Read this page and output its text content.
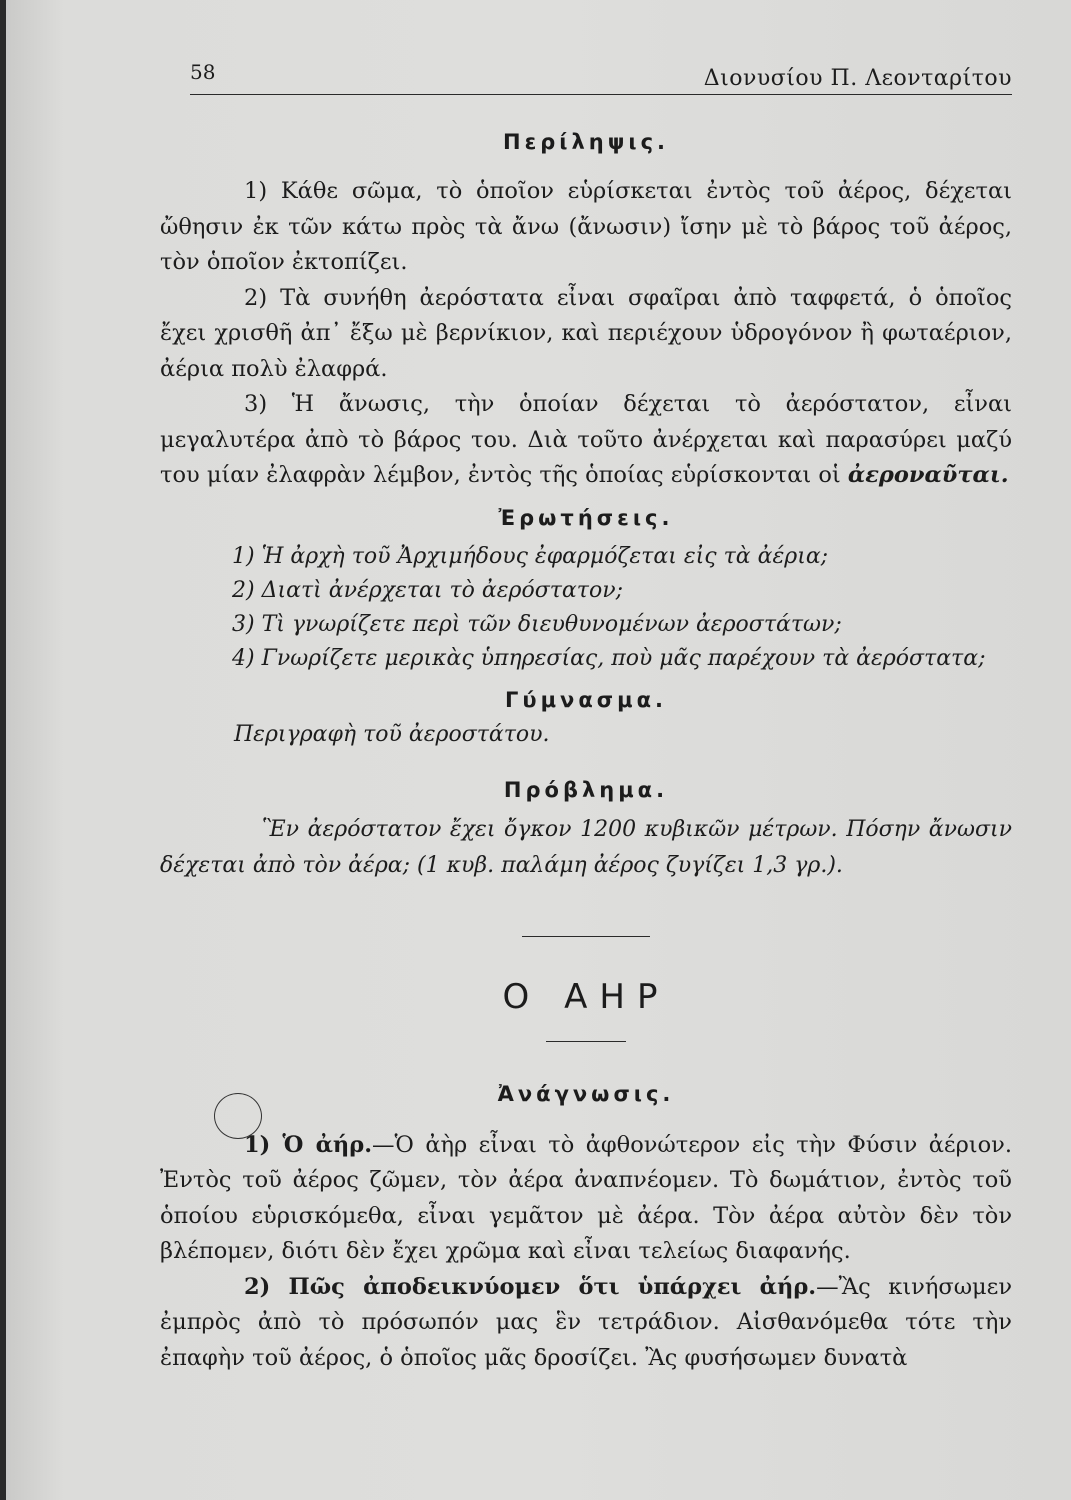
58	Διονυσίου Π. Λεονταρίτου
Περίληψις.

1) Κάθε σῶμα, τὸ ὁποῖον εὑρίσκεται ἐντὸς τοῦ ἀέρος, δέχεται ὤθησιν ἐκ τῶν κάτω πρὸς τὰ ἄνω (ἄνωσιν) ἴσην μὲ τὸ βάρος τοῦ ἀέρος, τὸν ὁποῖον ἐκτοπίζει.

2) Τὰ συνήθη ἀερόστατα εἶναι σφαῖραι ἀπὸ ταφφετά, ὁ ὁποῖος ἔχει χρισθῆ ἀπ᾿ ἔξω μὲ βερνίκιον, καὶ περιέχουν ὑδρογόνον ἢ φωταέριον, ἀέρια πολὺ ἐλαφρά.

3) Ἡ ἄνωσις, τὴν ὁποίαν δέχεται τὸ ἀερόστατον, εἶναι μεγαλυτέρα ἀπὸ τὸ βάρος του. Διὰ τοῦτο ἀνέρχεται καὶ παρασύρει μαζύ του μίαν ἐλαφρὰν λέμβον, ἐντὸς τῆς ὁποίας εὑρίσκονται οἱ ἀεροναῦται.

Ἐρωτήσεις.

1) Ἡ ἀρχὴ τοῦ Ἀρχιμήδους ἐφαρμόζεται εἰς τὰ ἀέρια;

2) Διατὶ ἀνέρχεται τὸ ἀερόστατον;

3) Τὶ γνωρίζετε περὶ τῶν διευθυνομένων ἀεροστάτων;

4) Γνωρίζετε μερικὰς ὑπηρεσίας, ποὺ μᾶς παρέχουν τὰ ἀερόστατα;

Γύμνασμα.

Περιγραφὴ τοῦ ἀεροστάτου.

Πρόβλημα.

Ἓν ἀερόστατον ἔχει ὄγκον 1200 κυβικῶν μέτρων. Πόσην ἄνωσιν δέχεται ἀπὸ τὸν ἀέρα; (1 κυβ. παλάμη ἀέρος ζυγίζει 1,3 γρ.).

Ο ΑΗΡ
Ἀνάγνωσις.

1) Ὁ ἀήρ.—Ὁ ἀὴρ εἶναι τὸ ἀφθονώτερον εἰς τὴν Φύσιν ἀέριον. Ἐντὸς τοῦ ἀέρος ζῶμεν, τὸν ἀέρα ἀναπνέομεν. Τὸ δωμάτιον, ἐντὸς τοῦ ὁποίου εὑρισκόμεθα, εἶναι γεμᾶτον μὲ ἀέρα. Τὸν ἀέρα αὐτὸν δὲν τὸν βλέπομεν, διότι δὲν ἔχει χρῶμα καὶ εἶναι τελείως διαφανής.

2) Πῶς ἀποδεικνύομεν ὅτι ὑπάρχει ἀήρ.—Ἂς κινήσωμεν ἐμπρὸς ἀπὸ τὸ πρόσωπόν μας ἓν τετράδιον. Αἰσθανόμεθα τότε τὴν ἐπαφὴν τοῦ ἀέρος, ὁ ὁποῖος μᾶς δροσίζει. Ἂς φυσήσωμεν δυνατὰ
